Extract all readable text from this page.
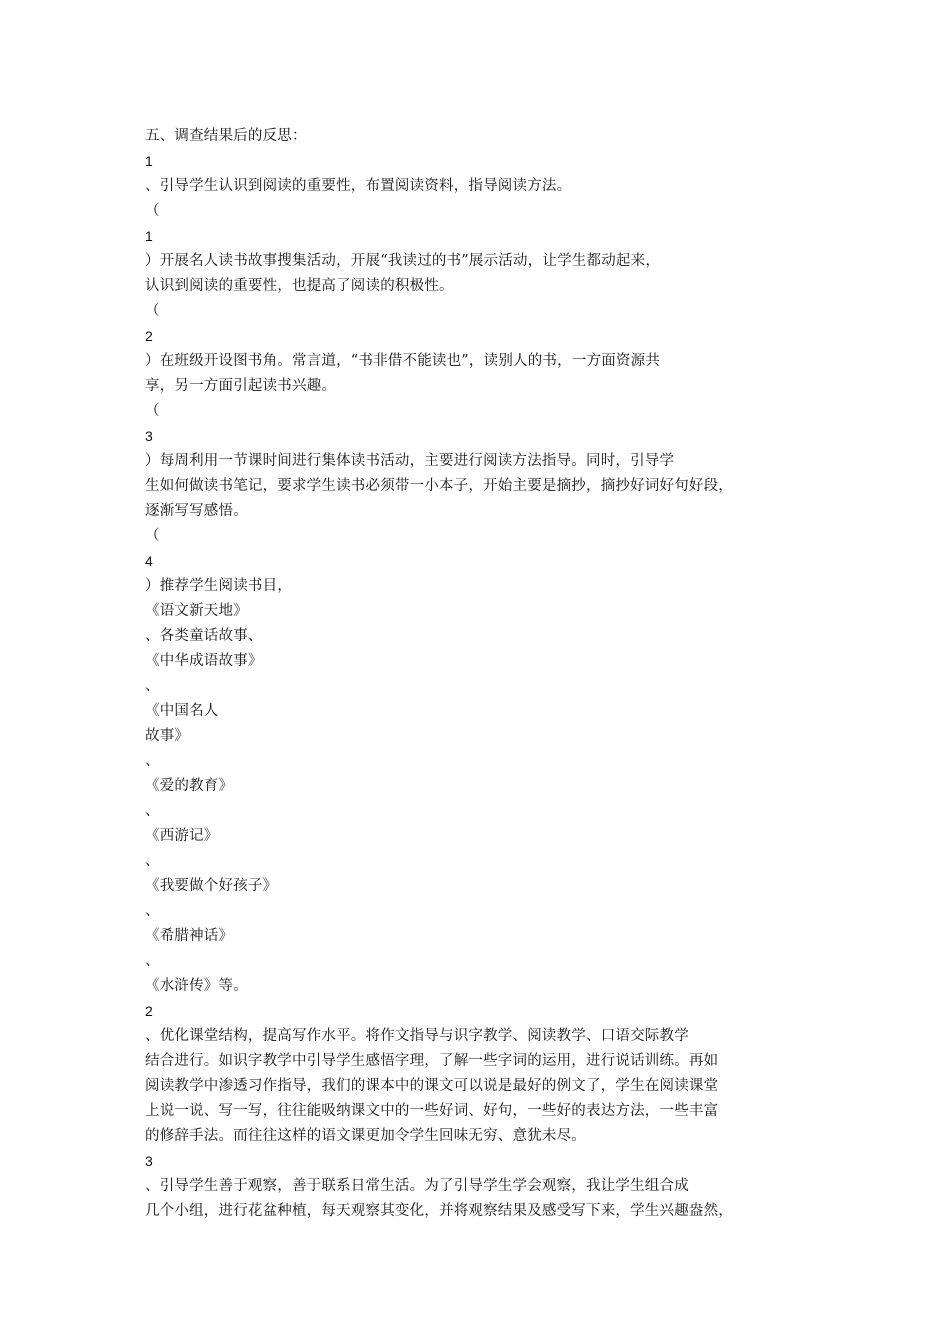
五、调查结果后的反思：
1
、引导学生认识到阅读的重要性，布置阅读资料，指导阅读方法。
（
1
）开展名人读书故事搜集活动，开展“我读过的书”展示活动，让学生都动起来，
认识到阅读的重要性，也提高了阅读的积极性。
（
2
）在班级开设图书角。常言道，“书非借不能读也”，读别人的书，一方面资源共
享，另一方面引起读书兴趣。
（
3
）每周利用一节课时间进行集体读书活动，主要进行阅读方法指导。同时，引导学
生如何做读书笔记，要求学生读书必须带一小本子，开始主要是摘抄，摘抄好词好句好段，
逐渐写写感悟。
（
4
）推荐学生阅读书目，
《语文新天地》
、各类童话故事、
《中华成语故事》
、
《中国名人
故事》
、
《爱的教育》
、
《西游记》
、
《我要做个好孩子》
、
《希腊神话》
、
《水浒传》等。
2
、优化课堂结构，提高写作水平。将作文指导与识字教学、阅读教学、口语交际教学
结合进行。如识字教学中引导学生感悟字理，了解一些字词的运用，进行说话训练。再如
阅读教学中渗透习作指导，我们的课本中的课文可以说是最好的例文了，学生在阅读课堂
上说一说、写一写，往往能吸纳课文中的一些好词、好句，一些好的表达方法，一些丰富
的修辞手法。而往往这样的语文课更加令学生回味无穷、意犹未尽。
3
、引导学生善于观察，善于联系日常生活。为了引导学生学会观察，我让学生组合成
几个小组，进行花盆种植，每天观察其变化，并将观察结果及感受写下来，学生兴趣盎然，
